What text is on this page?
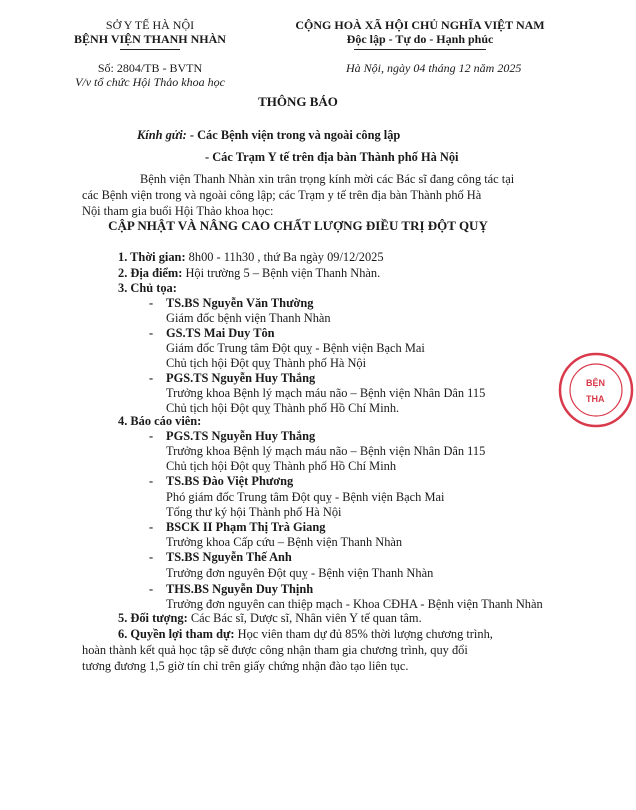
SỞ Y TẾ HÀ NỘI
BỆNH VIỆN THANH NHÀN
CỘNG HOÀ XÃ HỘI CHỦ NGHĨA VIỆT NAM
Độc lập - Tự do - Hạnh phúc
Số: 2804/TB - BVTN
V/v tổ chức Hội Thảo khoa học
Hà Nội, ngày 04 tháng 12 năm 2025
THÔNG BÁO
Kính gửi: - Các Bệnh viện trong và ngoài công lập
- Các Trạm Y tế trên địa bàn Thành phố Hà Nội
Bệnh viện Thanh Nhàn xin trân trọng kính mời các Bác sĩ đang công tác tại
các Bệnh viện trong và ngoài công lập; các Trạm y tế trên địa bàn Thành phố Hà
Nội tham gia buổi Hội Thảo khoa học:
CẬP NHẬT VÀ NÂNG CAO CHẤT LƯỢNG ĐIỀU TRỊ ĐỘT QUỴ
1. Thời gian: 8h00 - 11h30 , thứ Ba ngày 09/12/2025
2. Địa điểm: Hội trường 5 – Bệnh viện Thanh Nhàn.
3. Chủ tọa:
- TS.BS Nguyễn Văn Thường
Giám đốc bệnh viện Thanh Nhàn
- GS.TS Mai Duy Tôn
Giám đốc Trung tâm Đột quỵ - Bệnh viện Bạch Mai
Chủ tịch hội Đột quỵ Thành phố Hà Nội
- PGS.TS Nguyễn Huy Thắng
Trưởng khoa Bệnh lý mạch máu não – Bệnh viện Nhân Dân 115
Chủ tịch hội Đột quỵ Thành phố Hồ Chí Minh.
4. Báo cáo viên:
- PGS.TS Nguyễn Huy Thắng
Trưởng khoa Bệnh lý mạch máu não – Bệnh viện Nhân Dân 115
Chủ tịch hội Đột quỵ Thành phố Hồ Chí Minh
- TS.BS Đào Việt Phương
Phó giám đốc Trung tâm Đột quỵ - Bệnh viện Bạch Mai
Tổng thư ký hội Thành phố Hà Nội
- BSCK II Phạm Thị Trà Giang
Trưởng khoa Cấp cứu – Bệnh viện Thanh Nhàn
- TS.BS Nguyễn Thế Anh
Trưởng đơn nguyên Đột quỵ - Bệnh viện Thanh Nhàn
- THS.BS Nguyễn Duy Thịnh
Trưởng đơn nguyên can thiệp mạch - Khoa CĐHA - Bệnh viện Thanh Nhàn
5. Đối tượng: Các Bác sĩ, Dược sĩ, Nhân viên Y tế quan tâm.
6. Quyền lợi tham dự: Học viên tham dự đủ 85% thời lượng chương trình,
hoàn thành kết quả học tập sẽ được công nhận tham gia chương trình, quy đổi
tương đương 1,5 giờ tín chỉ trên giấy chứng nhận đào tạo liên tục.
BỆN
THA
